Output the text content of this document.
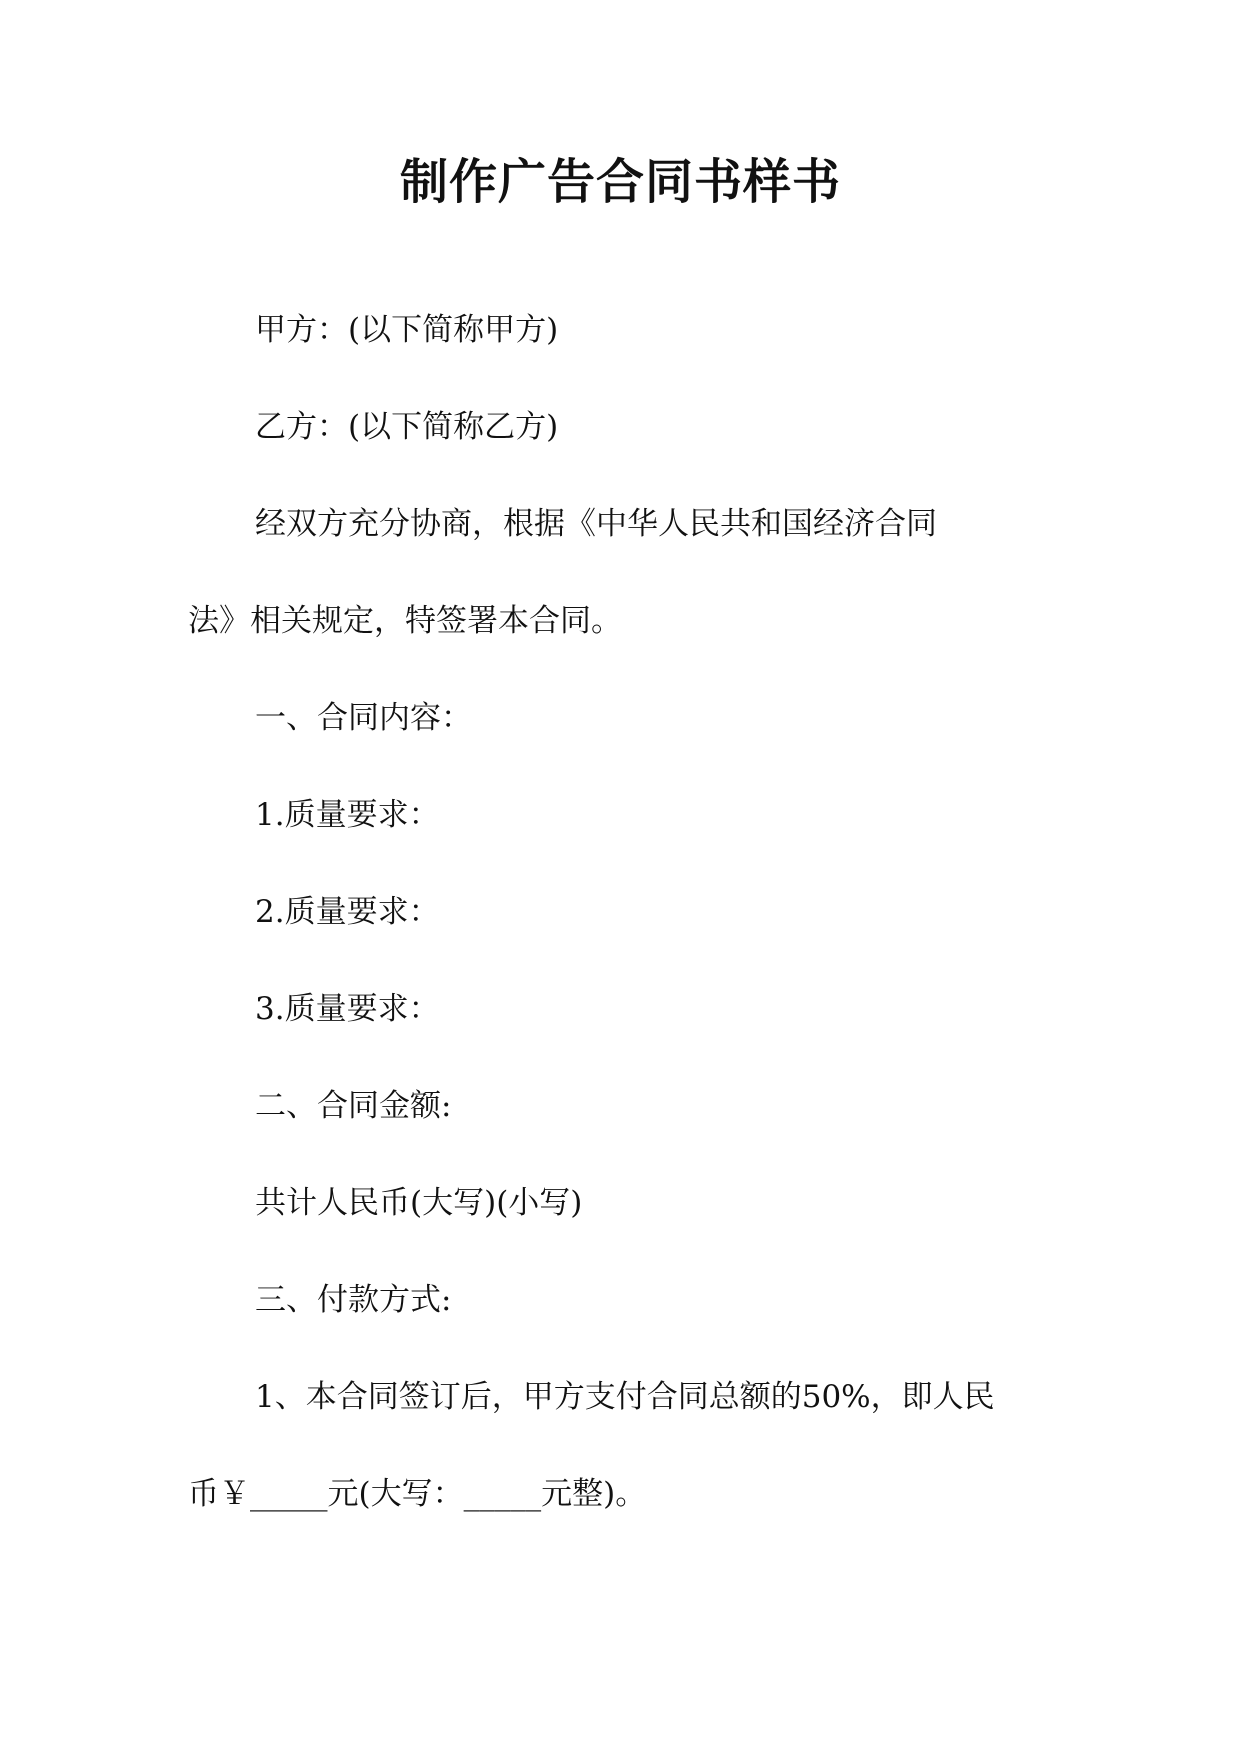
制作广告合同书样书
甲方：(以下简称甲方)
乙方：(以下简称乙方)
经双方充分协商，根据《中华人民共和国经济合同
法》相关规定，特签署本合同。
一、合同内容：
1.质量要求：
2.质量要求：
3.质量要求：
二、合同金额:
共计人民币(大写)(小写)
三、付款方式:
1、本合同签订后，甲方支付合同总额的50%，即人民
币￥_____元(大写：_____元整)。
